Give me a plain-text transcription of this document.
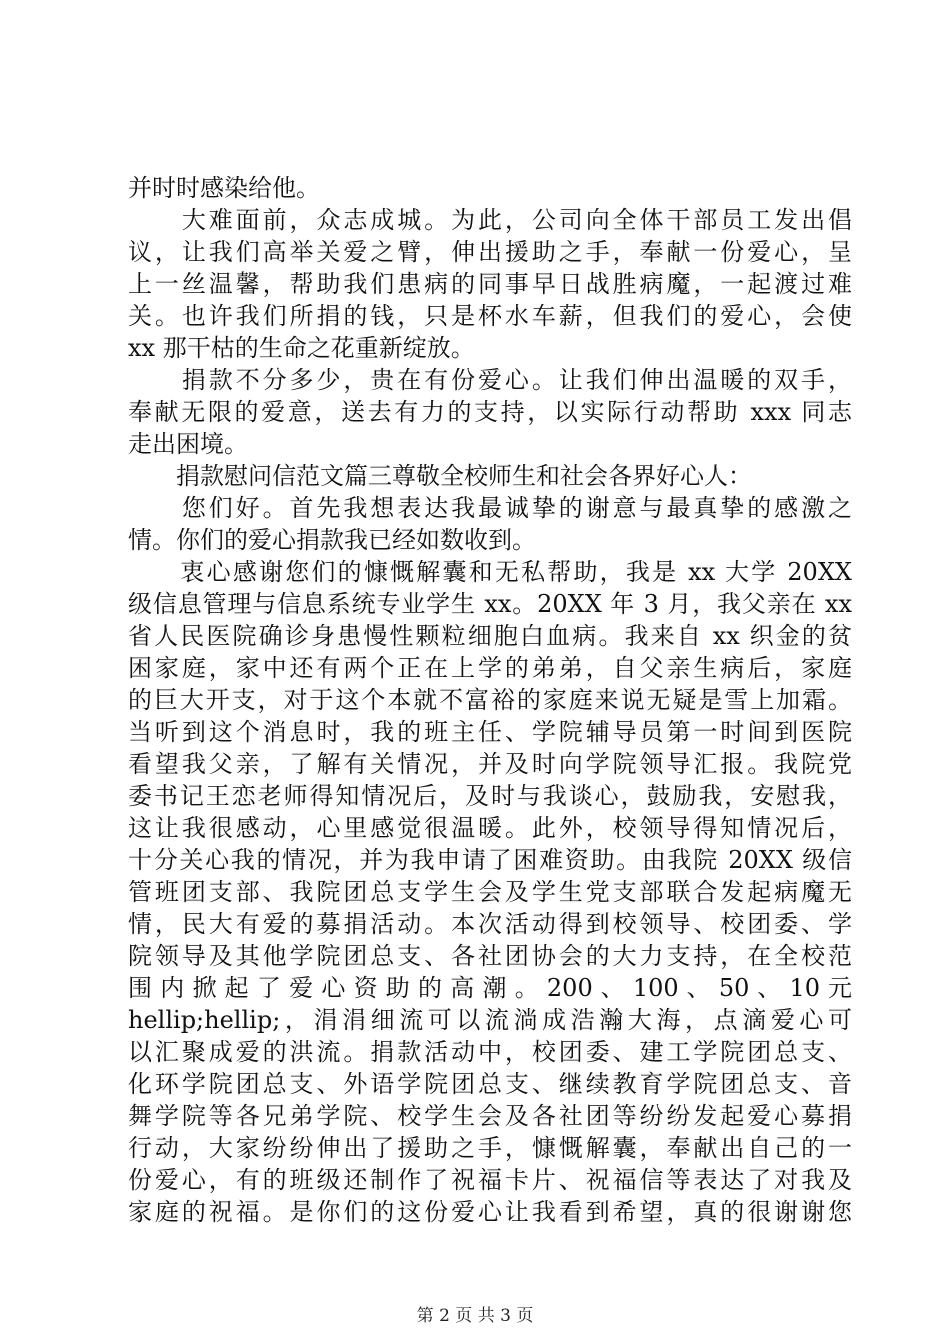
并时时感染给他。
　　大难面前，众志成城。为此，公司向全体干部员工发出倡
议，让我们高举关爱之臂，伸出援助之手，奉献一份爱心，呈
上一丝温馨，帮助我们患病的同事早日战胜病魔，一起渡过难
关。也许我们所捐的钱，只是杯水车薪，但我们的爱心，会使
xx 那干枯的生命之花重新绽放。
　　捐款不分多少，贵在有份爱心。让我们伸出温暖的双手，
奉献无限的爱意，送去有力的支持，以实际行动帮助 xxx 同志
走出困境。
　　捐款慰问信范文篇三尊敬全校师生和社会各界好心人：
　　您们好。首先我想表达我最诚挚的谢意与最真挚的感激之
情。你们的爱心捐款我已经如数收到。
　　衷心感谢您们的慷慨解囊和无私帮助，我是 xx 大学 20XX
级信息管理与信息系统专业学生 xx。20XX 年 3 月，我父亲在 xx
省人民医院确诊身患慢性颗粒细胞白血病。我来自 xx 织金的贫
困家庭，家中还有两个正在上学的弟弟，自父亲生病后，家庭
的巨大开支，对于这个本就不富裕的家庭来说无疑是雪上加霜。
当听到这个消息时，我的班主任、学院辅导员第一时间到医院
看望我父亲，了解有关情况，并及时向学院领导汇报。我院党
委书记王恋老师得知情况后，及时与我谈心，鼓励我，安慰我，
这让我很感动，心里感觉很温暖。此外，校领导得知情况后，
十分关心我的情况，并为我申请了困难资助。由我院 20XX 级信
管班团支部、我院团总支学生会及学生党支部联合发起病魔无
情，民大有爱的募捐活动。本次活动得到校领导、校团委、学
院领导及其他学院团总支、各社团协会的大力支持，在全校范
围 内 掀 起 了 爱 心 资 助 的 高 潮 。 200 、 100 、 50 、 10 元
hellip;hellip;，涓涓细流可以流淌成浩瀚大海，点滴爱心可
以汇聚成爱的洪流。捐款活动中，校团委、建工学院团总支、
化环学院团总支、外语学院团总支、继续教育学院团总支、音
舞学院等各兄弟学院、校学生会及各社团等纷纷发起爱心募捐
行动，大家纷纷伸出了援助之手，慷慨解囊，奉献出自己的一
份爱心，有的班级还制作了祝福卡片、祝福信等表达了对我及
家庭的祝福。是你们的这份爱心让我看到希望，真的很谢谢您
第 2 页 共 3 页
